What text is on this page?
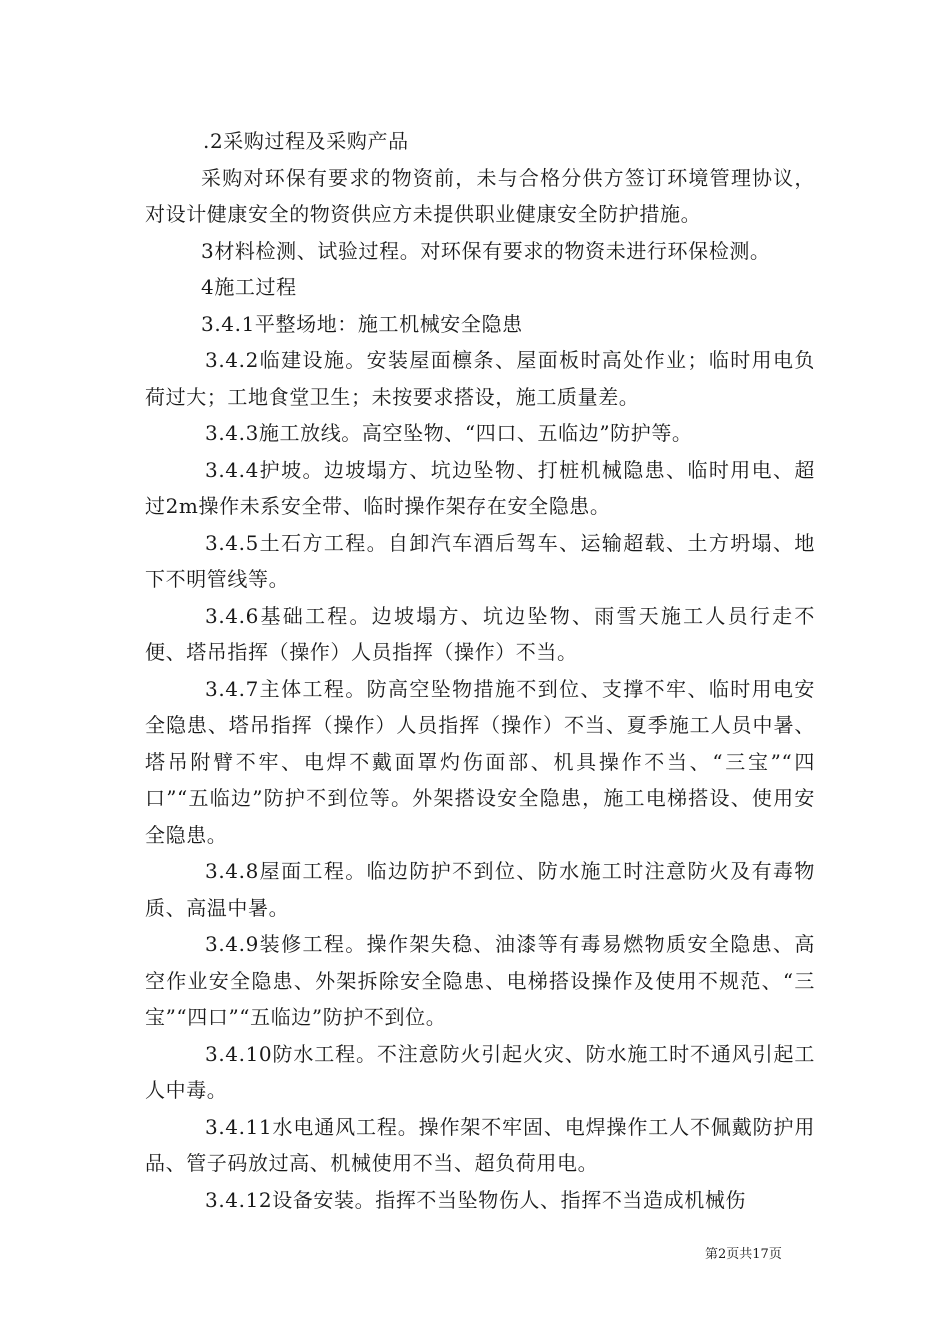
.2采购过程及采购产品

采购对环保有要求的物资前，未与合格分供方签订环境管理协议，对设计健康安全的物资供应方未提供职业健康安全防护措施。

3材料检测、试验过程。对环保有要求的物资未进行环保检测。

4施工过程

3.4.1平整场地：施工机械安全隐患

3.4.2临建设施。安装屋面檩条、屋面板时高处作业；临时用电负荷过大；工地食堂卫生；未按要求搭设，施工质量差。

3.4.3施工放线。高空坠物、“四口、五临边”防护等。

3.4.4护坡。边坡塌方、坑边坠物、打桩机械隐患、临时用电、超过2m操作未系安全带、临时操作架存在安全隐患。

3.4.5土石方工程。自卸汽车酒后驾车、运输超载、土方坍塌、地下不明管线等。

3.4.6基础工程。边坡塌方、坑边坠物、雨雪天施工人员行走不便、塔吊指挥（操作）人员指挥（操作）不当。

3.4.7主体工程。防高空坠物措施不到位、支撑不牢、临时用电安全隐患、塔吊指挥（操作）人员指挥（操作）不当、夏季施工人员中暑、塔吊附臂不牢、电焊不戴面罩灼伤面部、机具操作不当、“三宝”“四口”“五临边”防护不到位等。外架搭设安全隐患，施工电梯搭设、使用安全隐患。

3.4.8屋面工程。临边防护不到位、防水施工时注意防火及有毒物质、高温中暑。

3.4.9装修工程。操作架失稳、油漆等有毒易燃物质安全隐患、高空作业安全隐患、外架拆除安全隐患、电梯搭设操作及使用不规范、“三宝”“四口”“五临边”防护不到位。

3.4.10防水工程。不注意防火引起火灾、防水施工时不通风引起工人中毒。

3.4.11水电通风工程。操作架不牢固、电焊操作工人不佩戴防护用品、管子码放过高、机械使用不当、超负荷用电。

3.4.12设备安装。指挥不当坠物伤人、指挥不当造成机械伤

第2页共17页
